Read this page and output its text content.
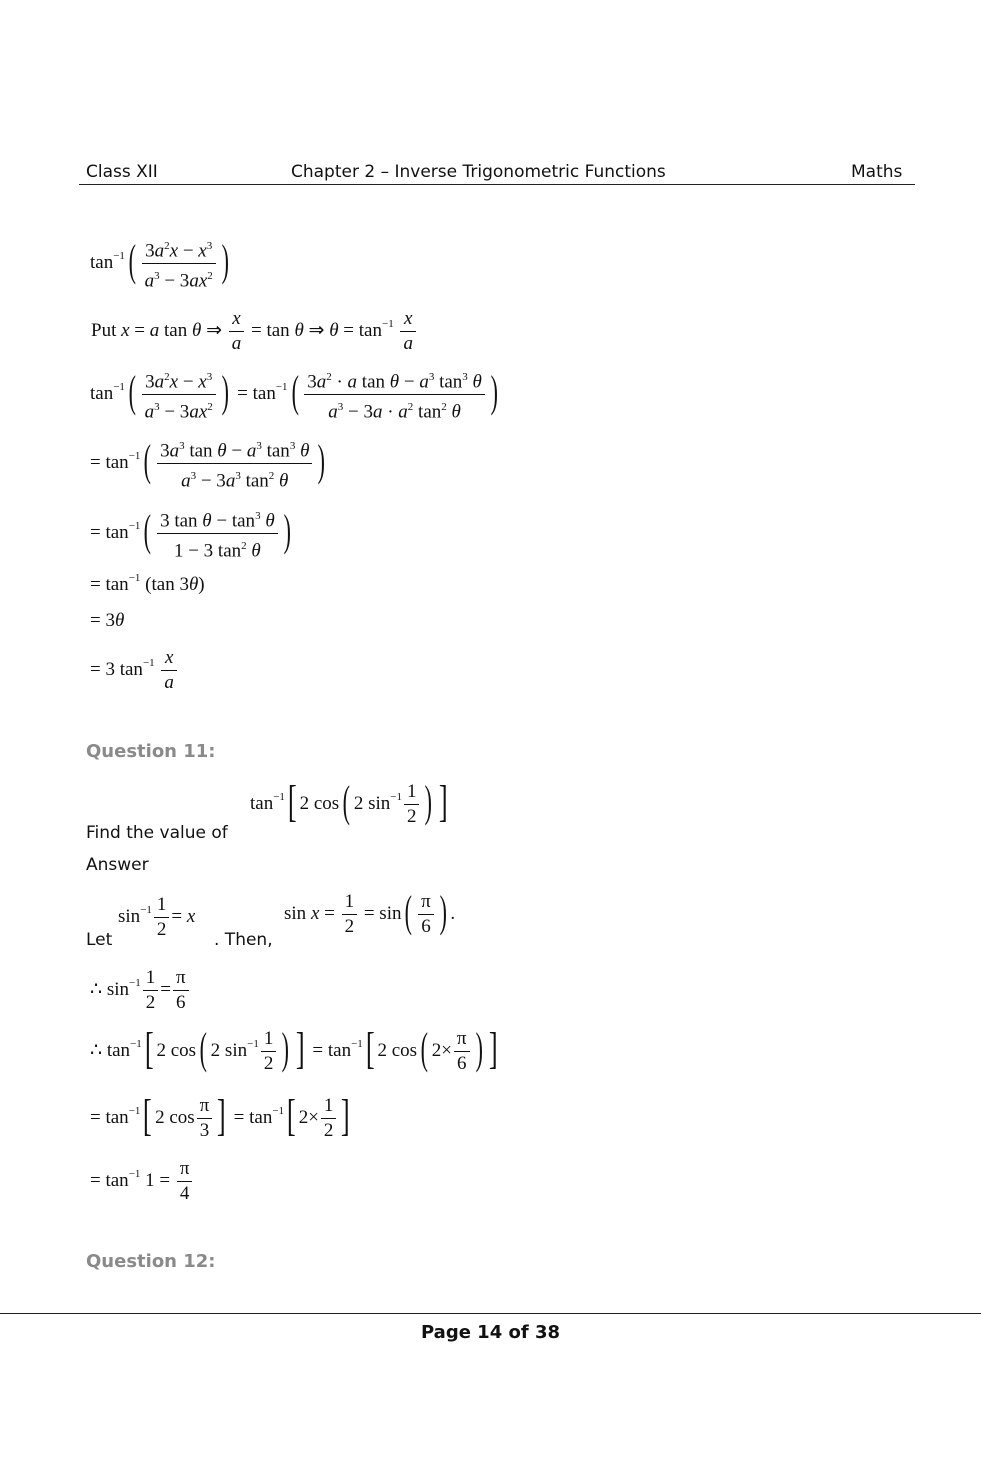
Class XII	Chapter 2 – Inverse Trigonometric Functions	Maths
$\tan^{-1}( \frac{3a^2x - x^3}{a^3 - 3ax^2}$ )
Put x = a tan θ ⇒ $\frac{x}{a} = \tan \theta$ ⇒ $\theta = \tan^{-1} \frac{x}{a}$
$\tan^{-1}( \frac{3a^2x - x^3}{a^3 - 3ax^2}$ ) = $\tan^{-1}( \frac{3a^2 \cdot a \tan \theta - a^3 \tan^3 \theta}{a^3 - 3a \cdot a^2 \tan^2 \theta}$ )
= $\tan^{-1}( \frac{3a^3 \tan \theta - a^3 \tan^3 \theta}{a^3 - 3a^3 \tan^2 \theta}$ )
= $\tan^{-1}( \frac{3 \tan \theta - \tan^3 \theta}{1 - 3 \tan^2 \theta}$ )
= $\tan^{-1} (\tan$ 3θ)
= 3θ
= 3 $\tan^{-1} \frac{x}{a}$
Question 11:
$\tan^{-1}$[ 2 cos( 2 $\sin^{-1} \frac{1}{2}$ ) ]
Find the value of
Answer
Let
$\sin^{-1} \frac{1}{2} = x$
. Then,
$\sin x = \frac{1}{2} = \sin( \frac{\pi}{6}$ ) .
∴ $\sin^{-1} \frac{1}{2} = \frac{\pi}{6}$
∴ $\tan^{-1}$[ 2 cos( 2 $\sin^{-1} \frac{1}{2}$ ) ] = $\tan^{-1}$[ 2 cos( $2\times \frac{\pi}{6}$ ) ]
= $\tan^{-1}$[ 2 $\cos \frac{\pi}{3}$ ] = $\tan^{-1}$[ $2\times \frac{1}{2}$ ]
= $\tan^{-1} 1 = \frac{\pi}{4}$
Question 12:
Page 14 of 38
